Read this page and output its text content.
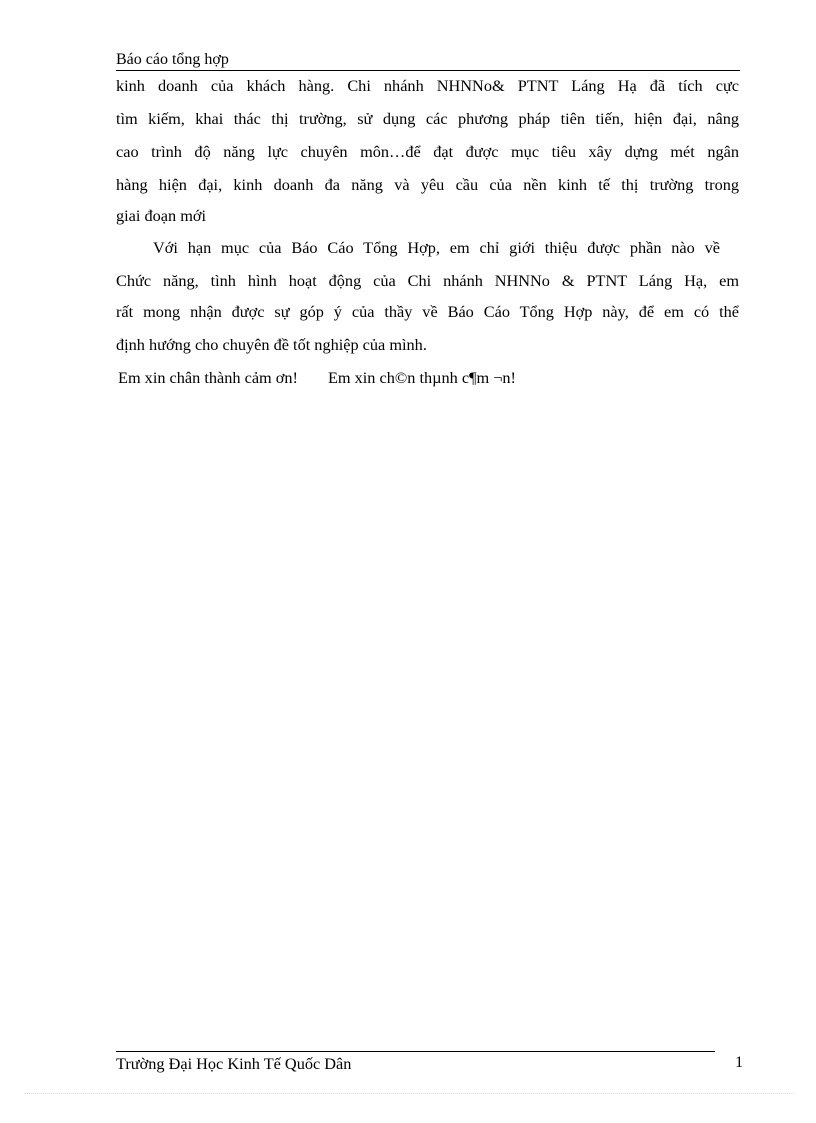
Báo cáo tổng hợp
kinh doanh của khách hàng. Chi nhánh NHNNo& PTNT Láng Hạ đã tích cực
tìm kiếm, khai thác thị trường, sử dụng các phương pháp tiên tiến, hiện đại, nâng
cao trình độ năng lực chuyên môn…để đạt được mục tiêu xây dựng mét ngân
hàng hiện đại, kinh doanh đa năng và yêu cầu của nền kinh tế thị trường trong
giai đoạn mới
Với hạn mục của Báo Cáo Tổng Hợp, em chỉ giới thiệu được phần nào về
Chức năng, tình hình hoạt động của Chi nhánh NHNNo & PTNT Láng Hạ, em
rất mong nhận được sự góp ý của thầy về Báo Cáo Tổng Hợp này, để em có thể
định hướng cho chuyên đề tốt nghiệp của mình.
Em xin chân thành cảm ơn! Em xin ch©n thµnh c¶m ¬n!
Trường Đại Học Kinh Tế Quốc Dân	1
